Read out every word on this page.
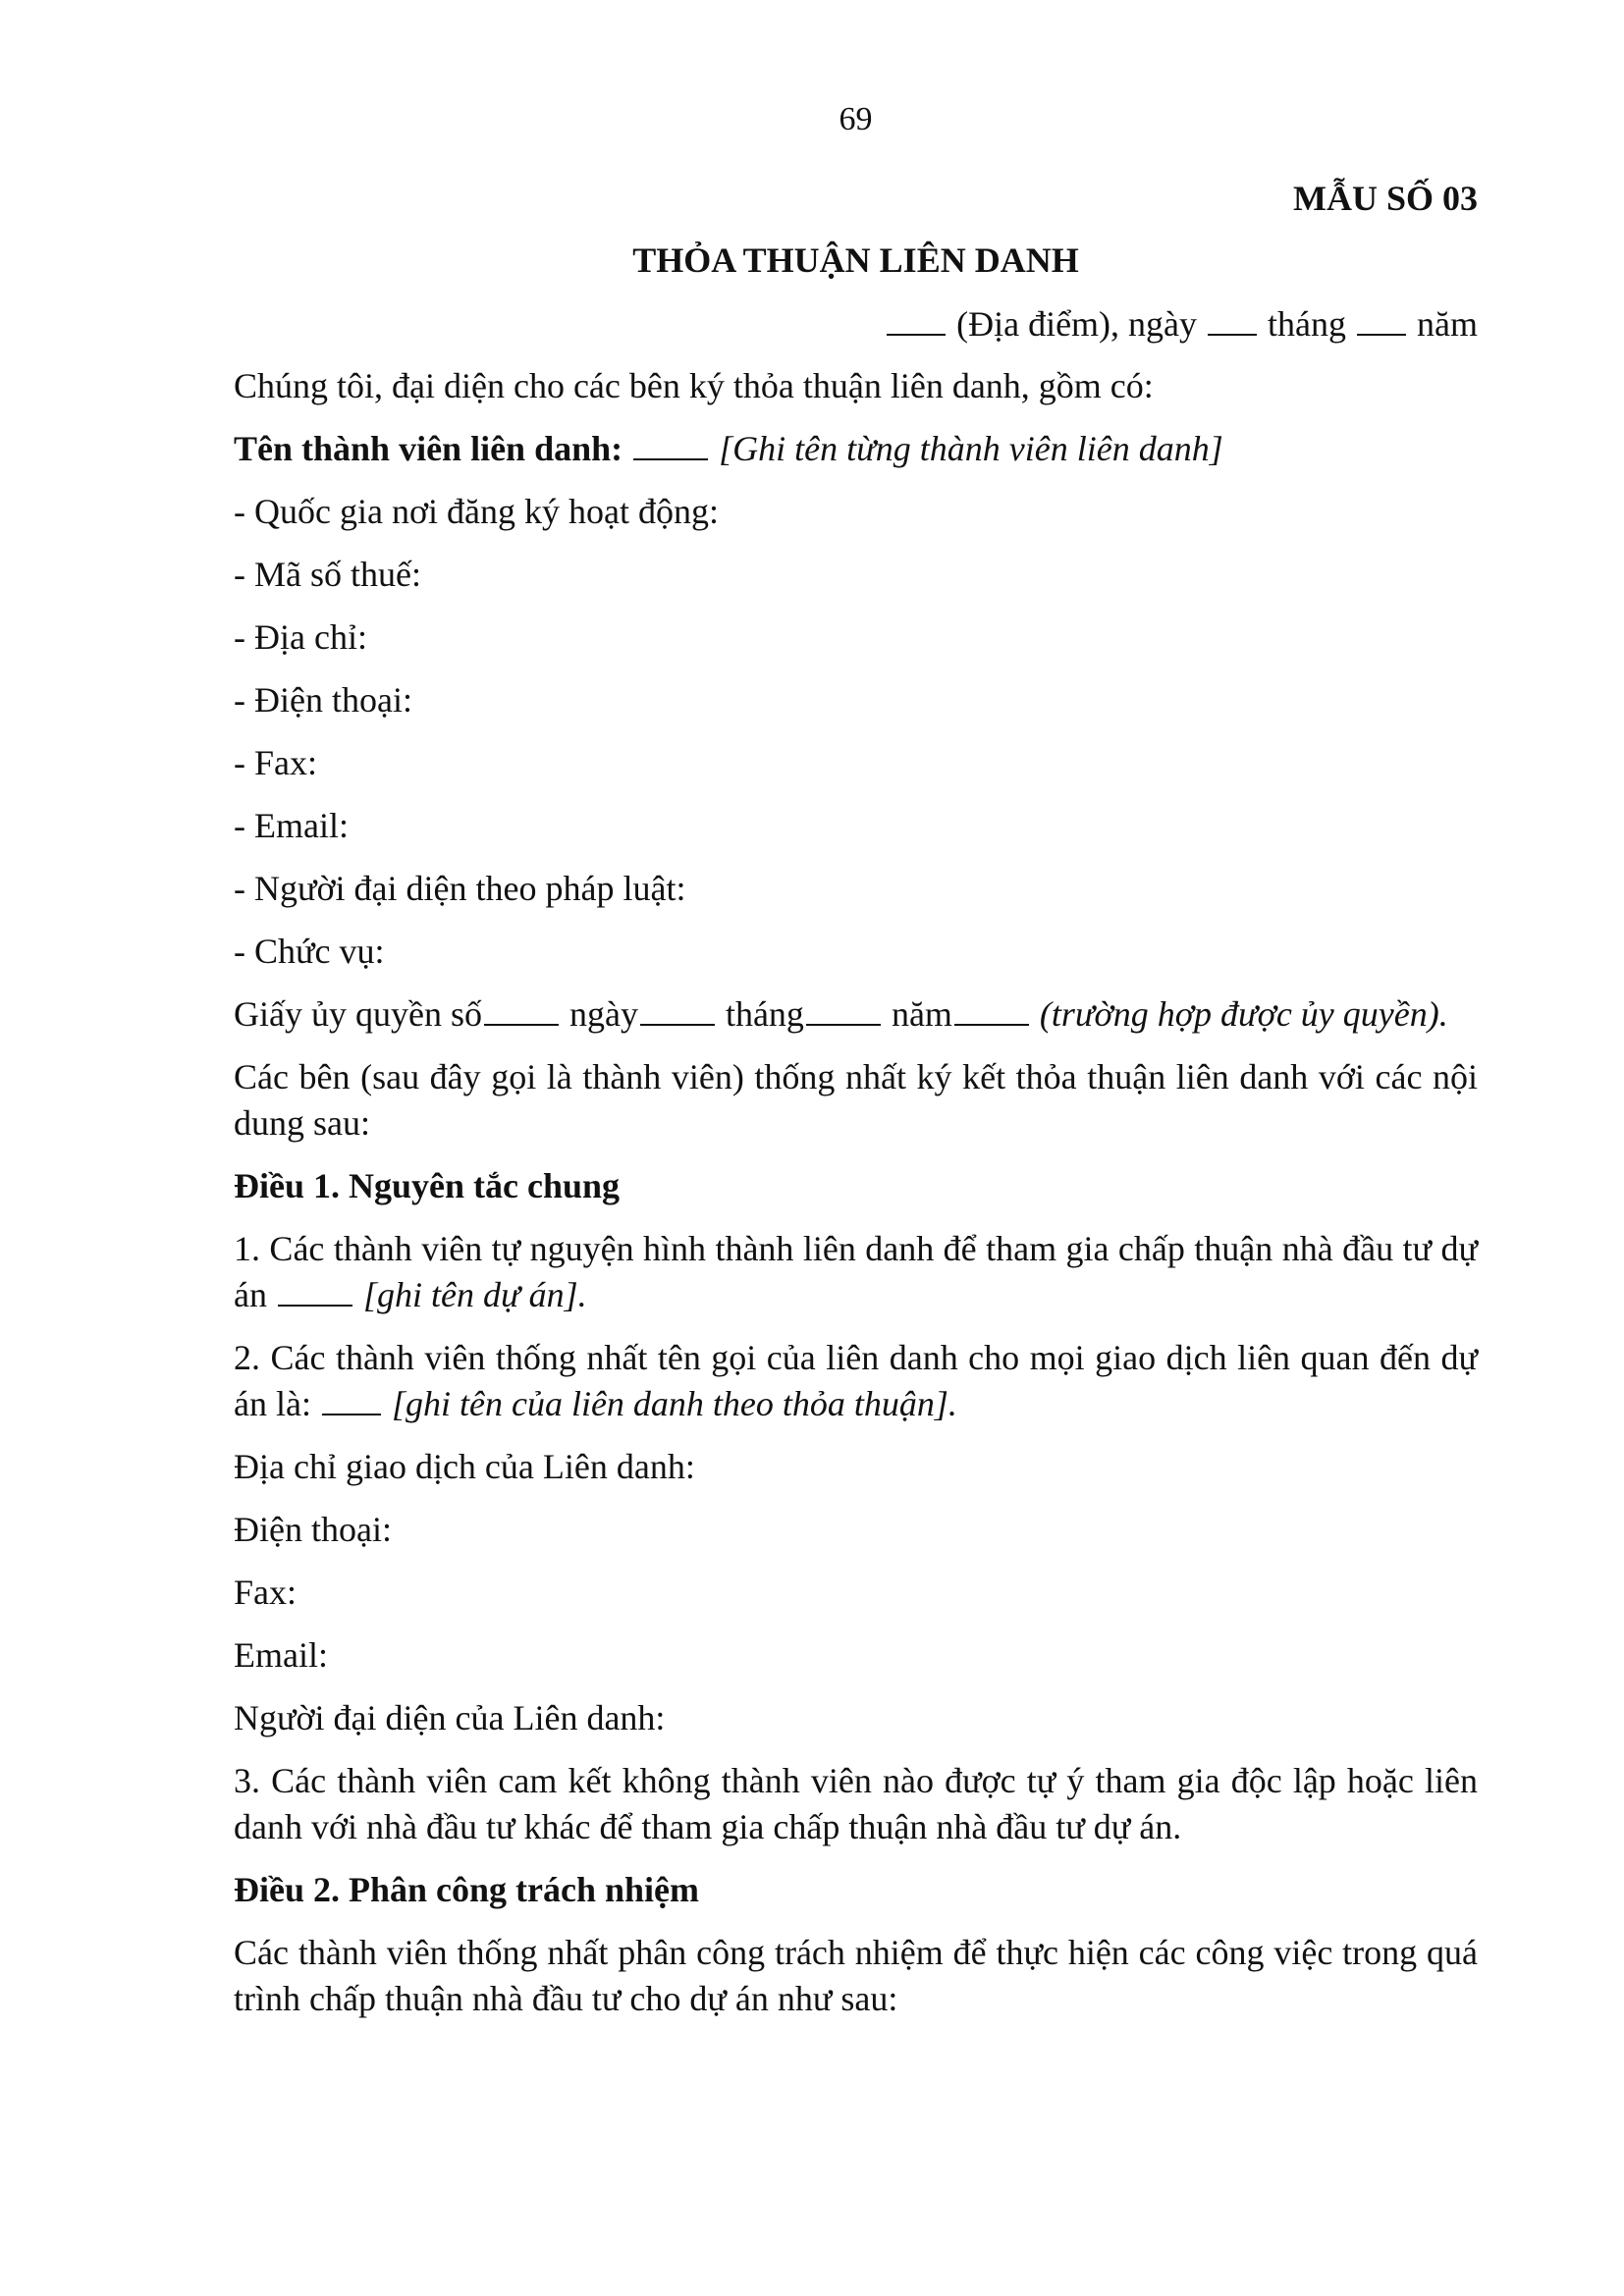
69
MẪU SỐ 03
THỎA THUẬN LIÊN DANH
(Địa điểm), ngày tháng năm

Chúng tôi, đại diện cho các bên ký thỏa thuận liên danh, gồm có:

Tên thành viên liên danh:	[Ghi tên từng thành viên liên danh]

- Quốc gia nơi đăng ký hoạt động:

- Mã số thuế:

- Địa chỉ:

- Điện thoại:

- Fax:

- Email:

- Người đại diện theo pháp luật:

- Chức vụ:

Giấy ủy quyền số ngày tháng năm (trường hợp được ủy quyền).

Các bên (sau đây gọi là thành viên) thống nhất ký kết thỏa thuận liên danh với các nội dung sau:

Điều 1. Nguyên tắc chung

1. Các thành viên tự nguyện hình thành liên danh để tham gia chấp thuận nhà đầu tư dự án	[ghi tên dự án].

2. Các thành viên thống nhất tên gọi của liên danh cho mọi giao dịch liên quan đến dự án là: [ghi tên của liên danh theo thỏa thuận].

Địa chỉ giao dịch của Liên danh:

Điện thoại:

Fax:

Email:

Người đại diện của Liên danh:

3. Các thành viên cam kết không thành viên nào được tự ý tham gia độc lập hoặc liên danh với nhà đầu tư khác để tham gia chấp thuận nhà đầu tư dự án.

Điều 2. Phân công trách nhiệm

Các thành viên thống nhất phân công trách nhiệm để thực hiện các công việc trong quá trình chấp thuận nhà đầu tư cho dự án như sau:
